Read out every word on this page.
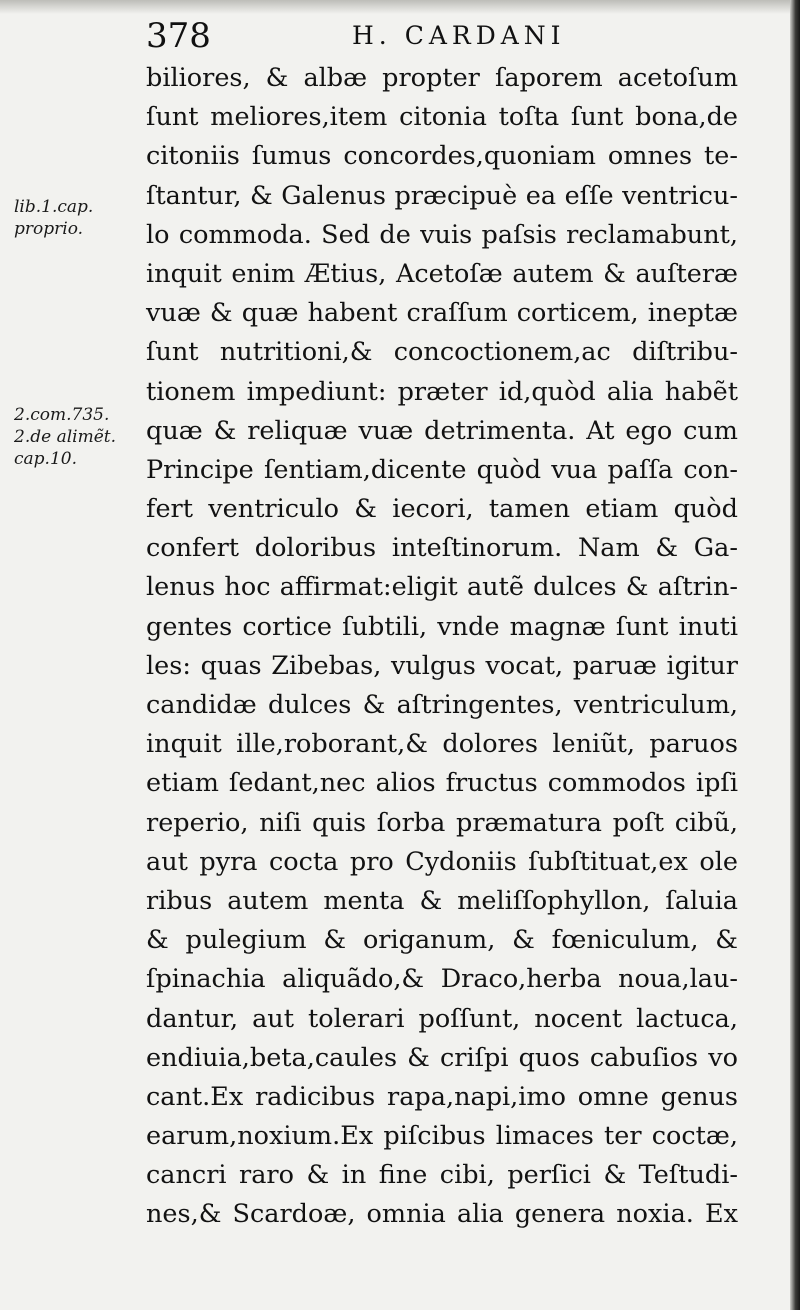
378	H. CARDANI
lib.1.cap.
proprio.
2.com.735.
2.de alimẽt.
cap.10.
biliores, & albæ propter ſaporem acetoſum
ſunt meliores,item citonia toſta ſunt bona,de
citoniis ſumus concordes,quoniam omnes te-
ſtantur, & Galenus præcipuè ea eſſe ventricu-
lo commoda. Sed de vuis paſsis reclamabunt,
inquit enim Ætius, Acetoſæ autem & auſteræ
vuæ & quæ habent craſſum corticem, ineptæ
ſunt nutritioni,& concoctionem,ac diſtribu-
tionem impediunt: præter id,quòd alia habẽt
quæ & reliquæ vuæ detrimenta. At ego cum
Principe ſentiam,dicente quòd vua paſſa con-
fert ventriculo & iecori, tamen etiam quòd
confert doloribus inteſtinorum. Nam & Ga-
lenus hoc affirmat:eligit autẽ dulces & aſtrin-
gentes cortice ſubtili, vnde magnæ ſunt inuti
les: quas Zibebas, vulgus vocat, paruæ igitur
candidæ dulces & aſtringentes, ventriculum,
inquit ille,roborant,& dolores leniũt, paruos
etiam ſedant,nec alios fructus commodos ipſi
reperio, niſi quis ſorba præmatura poſt cibũ,
aut pyra cocta pro Cydoniis ſubſtituat,ex ole
ribus autem menta & meliſſophyllon, ſaluia
& pulegium & origanum, & fœniculum, &
ſpinachia aliquãdo,& Draco,herba noua,lau-
dantur, aut tolerari poſſunt, nocent lactuca,
endiuia,beta,caules & criſpi quos cabuſios vo
cant.Ex radicibus rapa,napi,imo omne genus
earum,noxium.Ex piſcibus limaces ter coctæ,
cancri raro & in fine cibi, perſici & Teſtudi-
nes,& Scardoæ, omnia alia genera noxia. Ex
